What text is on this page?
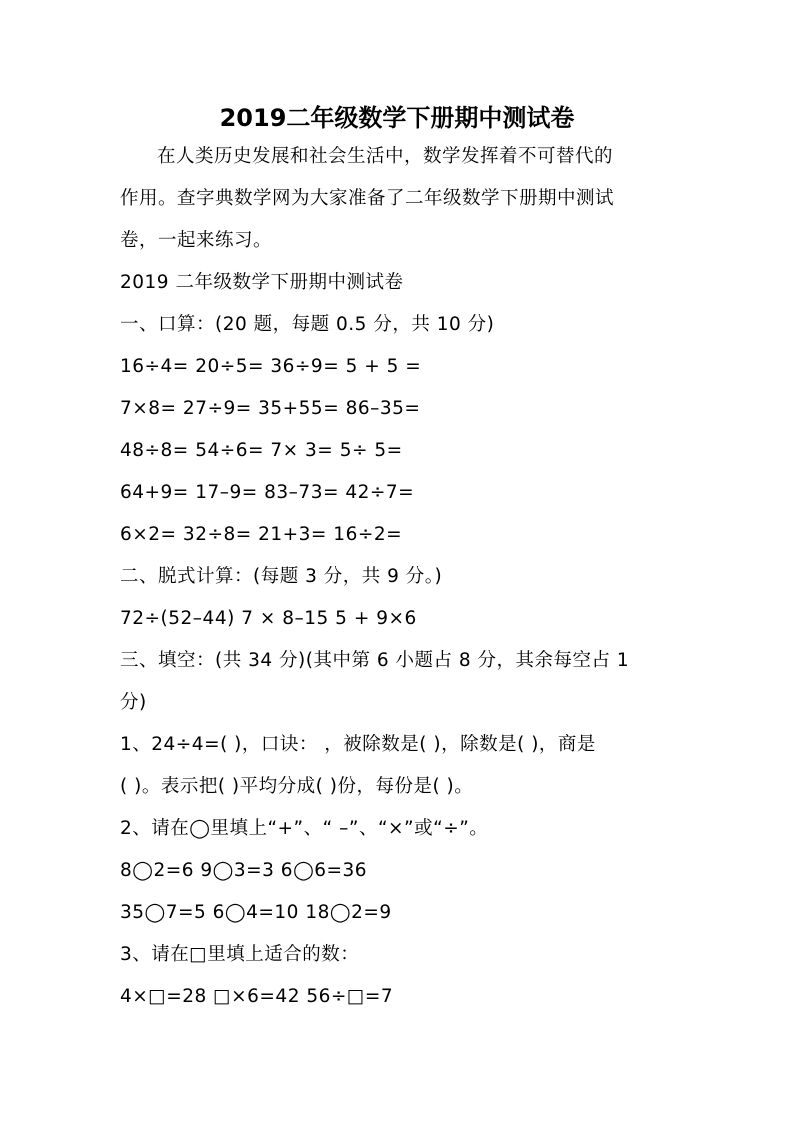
2019二年级数学下册期中测试卷
在人类历史发展和社会生活中，数学发挥着不可替代的
作用。查字典数学网为大家准备了二年级数学下册期中测试
卷，一起来练习。
2019 二年级数学下册期中测试卷
一、口算：(20 题，每题 0.5 分，共 10 分)
16÷4= 20÷5= 36÷9= 5 + 5 =
7×8= 27÷9= 35+55= 86–35=
48÷8= 54÷6= 7× 3= 5÷ 5=
64+9= 17–9= 83–73= 42÷7=
6×2= 32÷8= 21+3= 16÷2=
二、脱式计算：(每题 3 分，共 9 分。)
72÷(52–44) 7 × 8–15 5 + 9×6
三、填空：(共 34 分)(其中第 6 小题占 8 分，其余每空占 1
分)
1、24÷4=( )，口诀： ，被除数是( )，除数是( )，商是
( )。表示把( )平均分成( )份，每份是( )。
2、请在◯里填上“+”、“ –”、“×”或“÷”。
8◯2=6 9◯3=3 6◯6=36
35◯7=5 6◯4=10 18◯2=9
3、请在□里填上适合的数：
4×□=28 □×6=42 56÷□=7
